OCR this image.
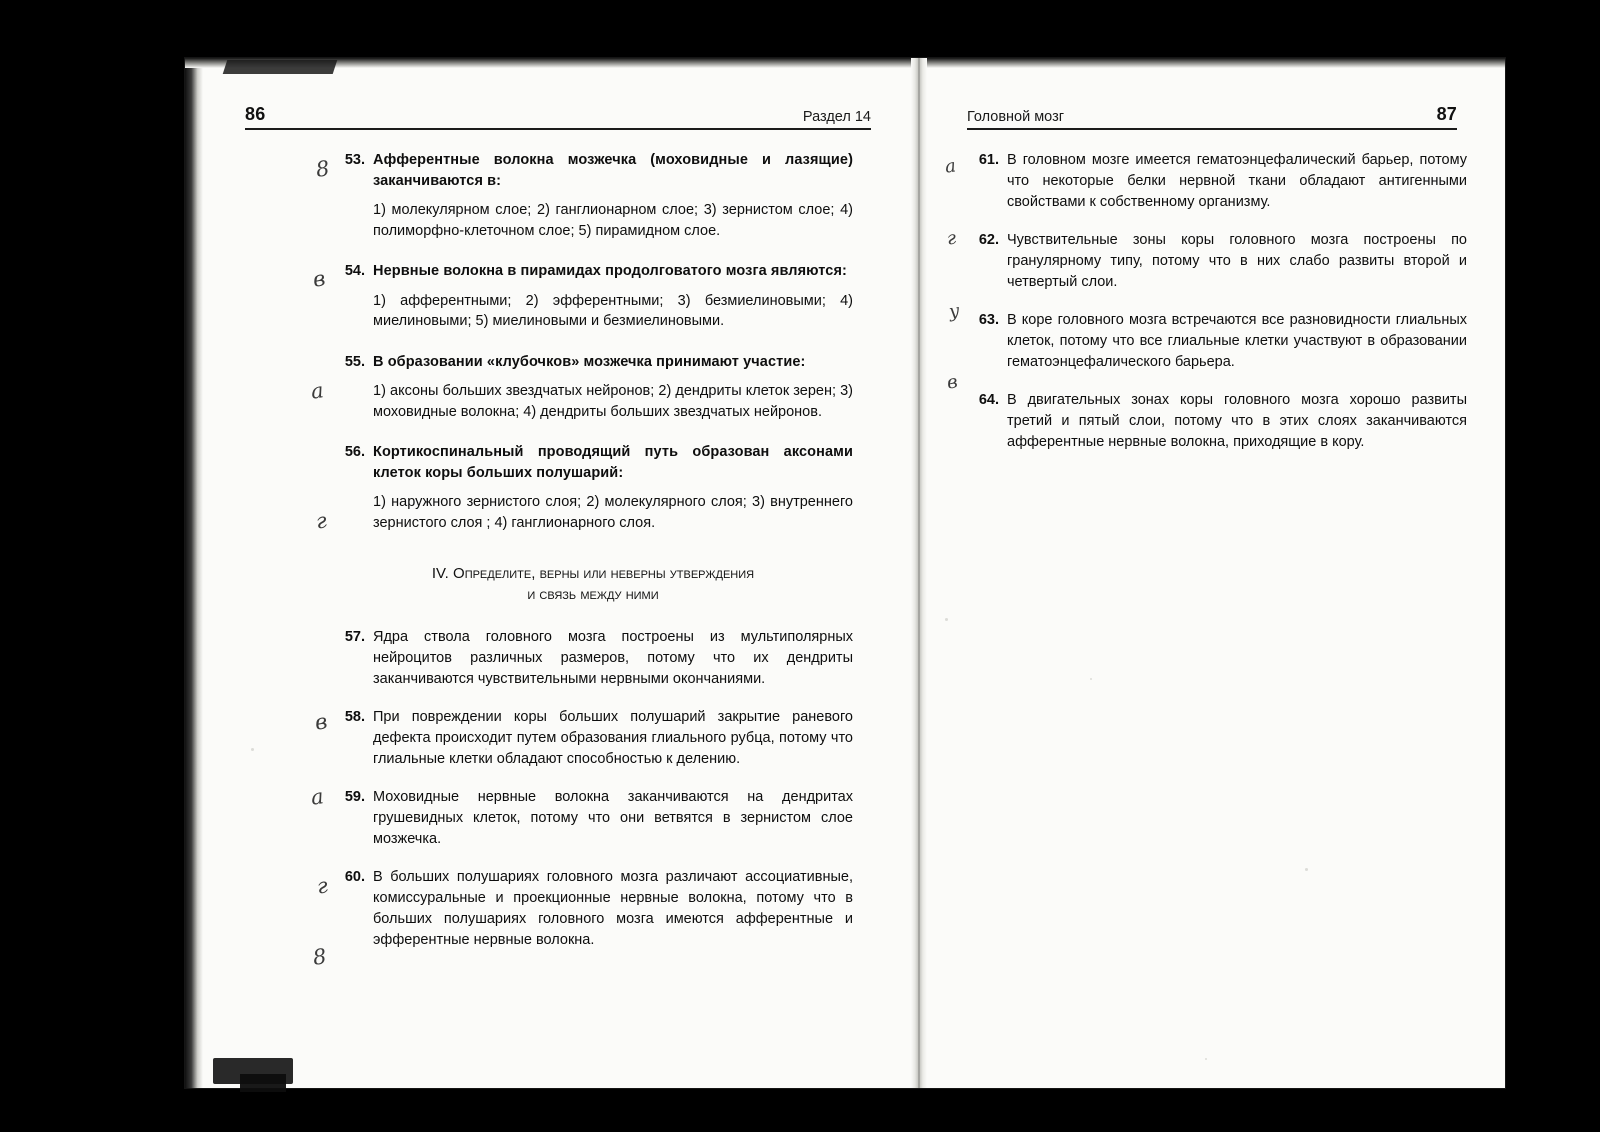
86	Раздел 14
53. Афферентные волокна мозжечка (моховидные и лазящие) заканчиваются в:
1) молекулярном слое; 2) ганглионарном слое; 3) зернистом слое; 4) полиморфно-клеточном слое; 5) пирамидном слое.
54. Нервные волокна в пирамидах продолговатого мозга являются:
1) афферентными; 2) эфферентными; 3) безмиелиновыми; 4) миелиновыми; 5) миелиновыми и безмиелиновыми.
55. В образовании «клубочков» мозжечка принимают участие:
1) аксоны больших звездчатых нейронов; 2) дендриты клеток зерен; 3) моховидные волокна; 4) дендриты больших звездчатых нейронов.
56. Кортикоспинальный проводящий путь образован аксонами клеток коры больших полушарий:
1) наружного зернистого слоя; 2) молекулярного слоя; 3) внутреннего зернистого слоя ; 4) ганглионарного слоя.
IV. Определите, верны или неверны утверждения
и связь между ними
57. Ядра ствола головного мозга построены из мультиполярных нейроцитов различных размеров, потому что их дендриты заканчиваются чувствительными нервными окончаниями.
58. При повреждении коры больших полушарий закрытие раневого дефекта происходит путем образования глиального рубца, потому что глиальные клетки обладают способностью к делению.
59. Моховидные нервные волокна заканчиваются на дендритах грушевидных клеток, потому что они ветвятся в зернистом слое мозжечка.
60. В больших полушариях головного мозга различают ассоциативные, комиссуральные и проекционные нервные волокна, потому что в больших полушариях головного мозга имеются афферентные и эфферентные нервные волокна.
8
в
а
г
в
а
г
8
Головной мозг	87
61. В головном мозге имеется гематоэнцефалический барьер, потому что некоторые белки нервной ткани обладают антигенными свойствами к собственному организму.
62. Чувствительные зоны коры головного мозга построены по гранулярному типу, потому что в них слабо развиты второй и четвертый слои.
63. В коре головного мозга встречаются все разновидности глиальных клеток, потому что все глиальные клетки участвуют в образовании гематоэнцефалического барьера.
64. В двигательных зонах коры головного мозга хорошо развиты третий и пятый слои, потому что в этих слоях заканчиваются афферентные нервные волокна, приходящие в кору.
а
г
у
в
